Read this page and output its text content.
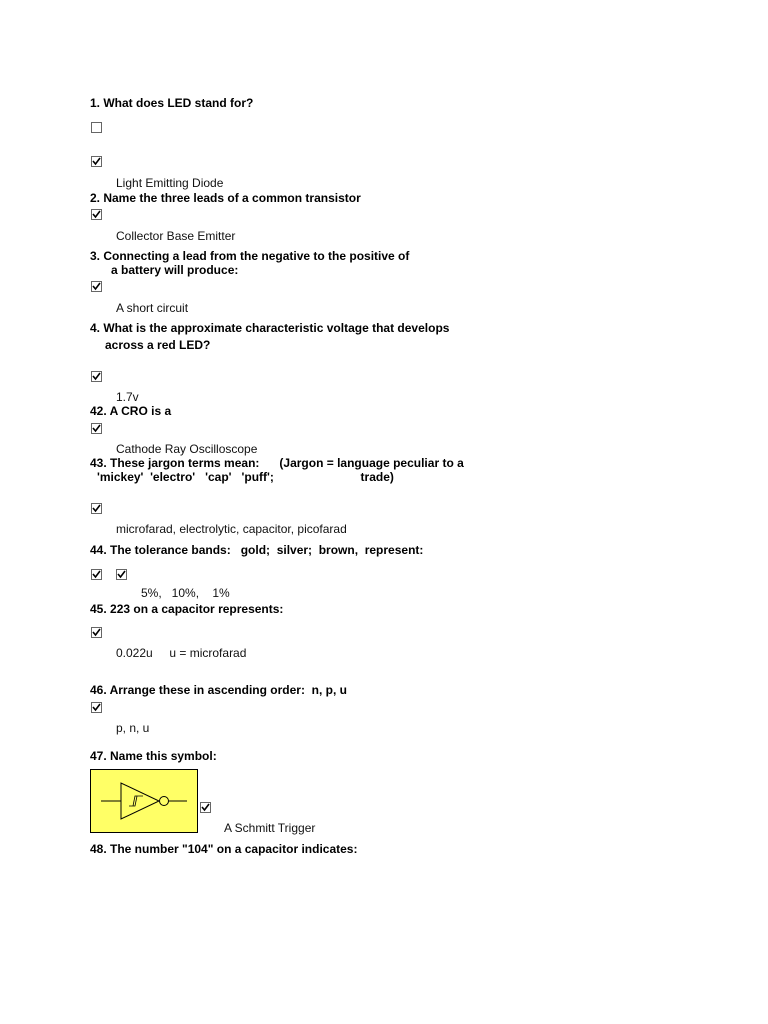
1. What does LED stand for?
Light Emitting Diode
2. Name the three leads of a common transistor
Collector Base Emitter
3. Connecting a lead from the negative to the positive of
a battery will produce:
A short circuit
4. What is the approximate characteristic voltage that develops
across a red LED?
1.7v
42. A CRO is a
Cathode Ray Oscilloscope
43. These jargon terms mean:      (Jargon = language peculiar to a
'mickey'  'electro'   'cap'   'puff';                          trade)
microfarad, electrolytic, capacitor, picofarad
44. The tolerance bands:   gold;  silver;  brown,  represent:
5%,   10%,    1%
45. 223 on a capacitor represents:
0.022u     u = microfarad
46. Arrange these in ascending order:  n, p, u
p, n, u
47. Name this symbol:
A Schmitt Trigger
48. The number "104" on a capacitor indicates:
